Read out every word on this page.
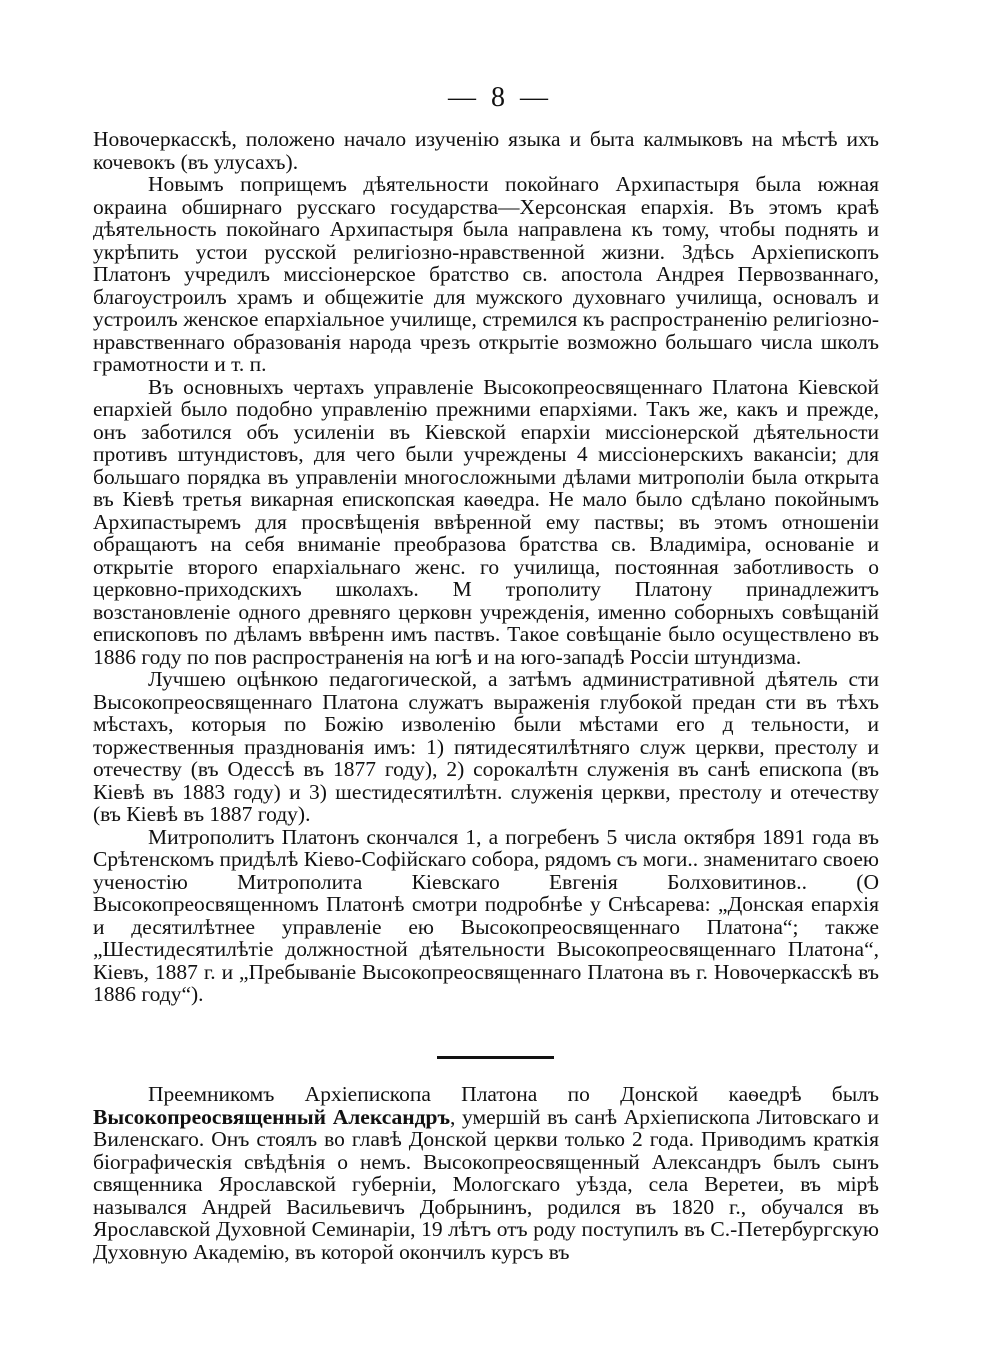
— 8 —

Новочеркасскѣ, положено начало изученію языка и быта калмыковъ на мѣстѣ ихъ кочевокъ (въ улусахъ).

Новымъ поприщемъ дѣятельности покойнаго Архипастыря была южная окраина обширнаго русскаго государства—Херсонская епархія. Въ этомъ краѣ дѣятельность покойнаго Архипастыря была направлена къ тому, чтобы поднять и укрѣпить устои русской религіозно-нравственной жизни. Здѣсь Архіепископъ Платонъ учредилъ миссіонерское братство св. апостола Андрея Первозваннаго, благоустроилъ храмъ и общежитіе для мужского духовнаго училища, основалъ и устроилъ женское епархіальное училище, стремился къ распространенію религіозно-нравственнаго образованія народа чрезъ открытіе возможно большаго числа школъ грамотности и т. п.

Въ основныхъ чертахъ управленіе Высокопреосвященнаго Платона Кіевской епархіей было подобно управленію прежними епархіями. Такъ же, какъ и прежде, онъ заботился объ усиленіи въ Кіевской епархіи миссіонерской дѣятельности противъ штундистовъ, для чего были учреждены 4 миссіонерскихъ вакансіи; для большаго порядка въ управленіи многосложными дѣлами митрополіи была открыта въ Кіевѣ третья викарная епископская каѳедра. Не мало было сдѣлано покойнымъ Архипастыремъ для просвѣщенія ввѣренной ему паствы; въ этомъ отношеніи обращаютъ на себя вниманіе преобразова братства св. Владиміра, основаніе и открытіе второго епархіальнаго женс. го училища, постоянная заботливость о церковно-приходскихъ школахъ. М трополиту Платону принадлежитъ возстановленіе одного древняго церковн учрежденія, именно соборныхъ совѣщаній епископовъ по дѣламъ ввѣренн имъ паствъ. Такое совѣщаніе было осуществлено въ 1886 году по пов распространенія на югѣ и на юго-западѣ Россіи штундизма.

Лучшею оцѣнкою педагогической, а затѣмъ административной дѣятель сти Высокопреосвященнаго Платона служатъ выраженія глубокой предан сти въ тѣхъ мѣстахъ, которыя по Божію изволенію были мѣстами его д тельности, и торжественныя празднованія имъ: 1) пятидесятилѣтняго служ церкви, престолу и отечеству (въ Одессѣ въ 1877 году), 2) сорокалѣтн служенія въ санѣ епископа (въ Кіевѣ въ 1883 году) и 3) шестидесятилѣтн. служенія церкви, престолу и отечеству (въ Кіевѣ въ 1887 году).

Митрополитъ Платонъ скончался 1, а погребенъ 5 числа октября 1891 года въ Срѣтенскомъ придѣлѣ Кіево-Софійскаго собора, рядомъ съ моги.. знаменитаго своею ученостію Митрополита Кіевскаго Евгенія Болховитинов.. (О Высокопреосвященномъ Платонѣ смотри подробнѣе у Снѣсарева: „Донская епархія и десятилѣтнее управленіе ею Высокопреосвященнаго Платона“; также „Шестидесятилѣтіе должностной дѣятельности Высокопреосвященнаго Платона“, Кіевъ, 1887 г. и „Пребываніе Высокопреосвященнаго Платона въ г. Новочеркасскѣ въ 1886 году“).

Преемникомъ Архіепископа Платона по Донской каѳедрѣ былъ Высокопреосвященный Александръ, умершій въ санѣ Архіепископа Литовскаго и Виленскаго. Онъ стоялъ во главѣ Донской церкви только 2 года. Приводимъ краткія біографическія свѣдѣнія о немъ. Высокопреосвященный Александръ былъ сынъ священника Ярославской губерніи, Мологскаго уѣзда, села Веретеи, въ мірѣ назывался Андрей Васильевичъ Добрынинъ, родился въ 1820 г., обучался въ Ярославской Духовной Семинаріи, 19 лѣтъ отъ роду поступилъ въ С.-Петербургскую Духовную Академію, въ которой окончилъ курсъ въ
